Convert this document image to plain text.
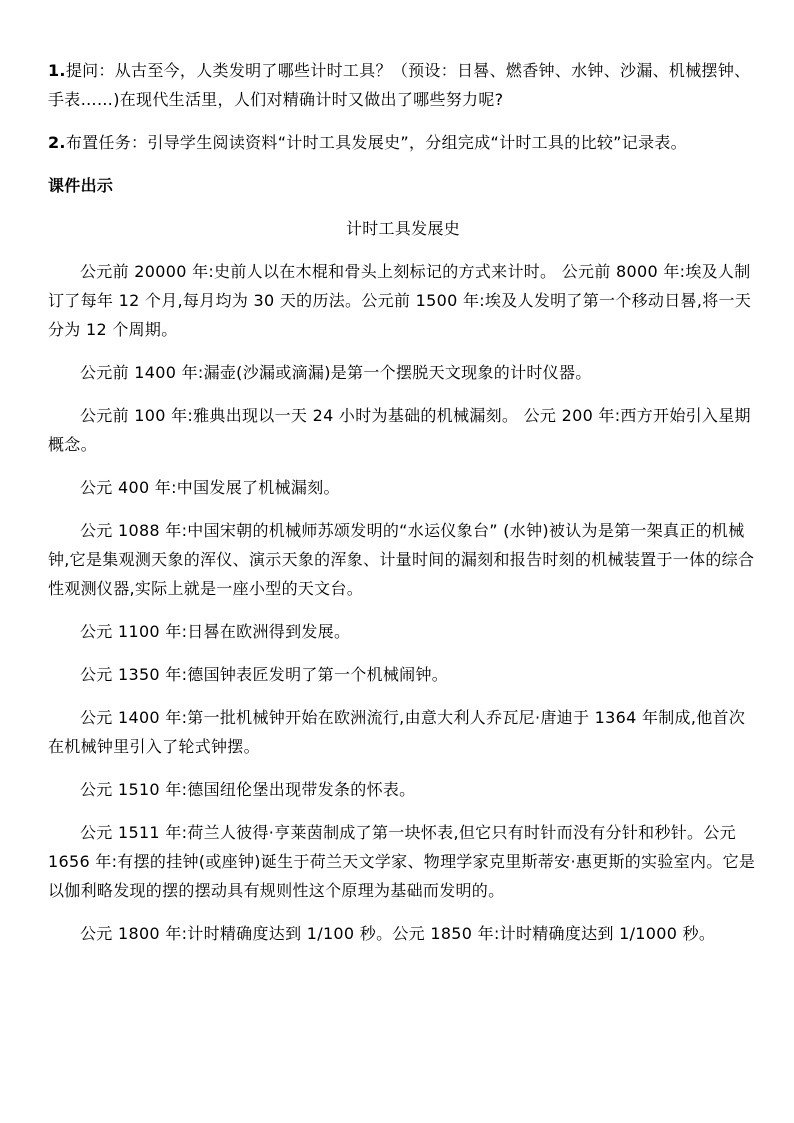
1.提问：从古至今，人类发明了哪些计时工具？（预设：日晷、燃香钟、水钟、沙漏、机械摆钟、手表……)在现代生活里，人们对精确计时又做出了哪些努力呢?

2.布置任务：引导学生阅读资料“计时工具发展史”，分组完成“计时工具的比较”记录表。

课件出示

计时工具发展史

公元前 20000 年:史前人以在木棍和骨头上刻标记的方式来计时。 公元前 8000 年:埃及人制订了每年 12 个月,每月均为 30 天的历法。公元前 1500 年:埃及人发明了第一个移动日晷,将一天分为 12 个周期。

公元前 1400 年:漏壶(沙漏或滴漏)是第一个摆脱天文现象的计时仪器。

公元前 100 年:雅典出现以一天 24 小时为基础的机械漏刻。 公元 200 年:西方开始引入星期概念。

公元 400 年:中国发展了机械漏刻。

公元 1088 年:中国宋朝的机械师苏颂发明的“水运仪象台” (水钟)被认为是第一架真正的机械钟,它是集观测天象的浑仪、演示天象的浑象、计量时间的漏刻和报告时刻的机械装置于一体的综合性观测仪器,实际上就是一座小型的天文台。

公元 1100 年:日晷在欧洲得到发展。

公元 1350 年:德国钟表匠发明了第一个机械闹钟。

公元 1400 年:第一批机械钟开始在欧洲流行,由意大利人乔瓦尼·唐迪于 1364 年制成,他首次在机械钟里引入了轮式钟摆。

公元 1510 年:德国纽伦堡出现带发条的怀表。

公元 1511 年:荷兰人彼得·亨莱茵制成了第一块怀表,但它只有时针而没有分针和秒针。公元 1656 年:有摆的挂钟(或座钟)诞生于荷兰天文学家、物理学家克里斯蒂安·惠更斯的实验室内。它是以伽利略发现的摆的摆动具有规则性这个原理为基础而发明的。

公元 1800 年:计时精确度达到 1/100 秒。公元 1850 年:计时精确度达到 1/1000 秒。
